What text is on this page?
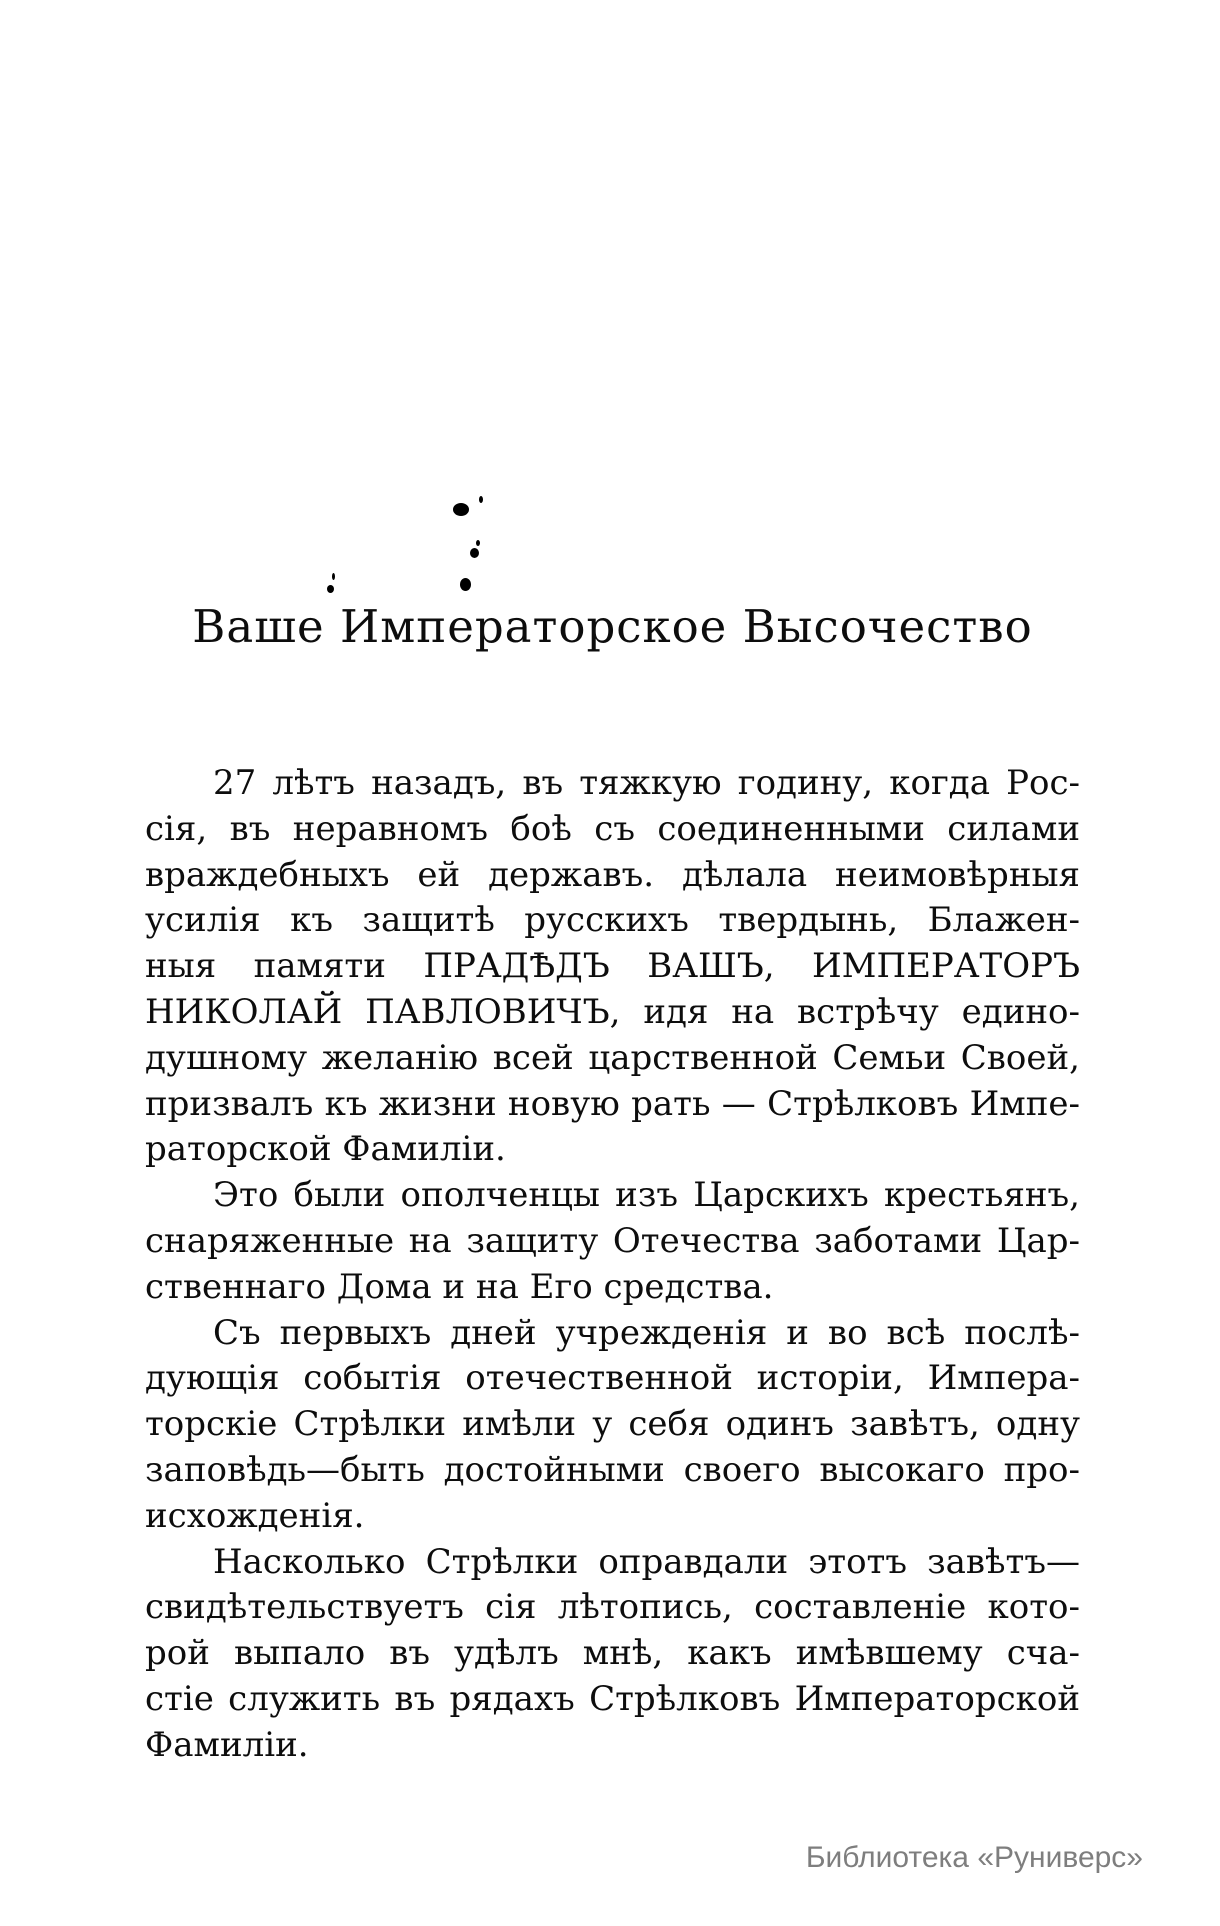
Ваше Императорское Высочество
27 лѣтъ назадъ, въ тяжкую годину, когда Рос-
сія, въ неравномъ боѣ съ соединенными силами
враждебныхъ ей державъ. дѣлала неимовѣрныя
усилія къ защитѣ русскихъ твердынь, Блажен-
ныя памяти ПРАДѢДЪ ВАШЪ, ИМПЕРАТОРЪ
НИКОЛАЙ ПАВЛОВИЧЪ, идя на встрѣчу едино-
душному желанію всей царственной Семьи Своей,
призвалъ къ жизни новую рать — Стрѣлковъ Импе-
раторской Фамиліи.
Это были ополченцы изъ Царскихъ крестьянъ,
снаряженные на защиту Отечества заботами Цар-
ственнаго Дома и на Его средства.
Съ первыхъ дней учрежденія и во всѣ послѣ-
дующія событія отечественной исторіи, Импера-
торскіе Стрѣлки имѣли у себя одинъ завѣтъ, одну
заповѣдь—быть достойными своего высокаго про-
исхожденія.
Насколько Стрѣлки оправдали этотъ завѣтъ—
свидѣтельствуетъ сія лѣтопись, составленіе кото-
рой выпало въ удѣлъ мнѣ, какъ имѣвшему сча-
стіе служить въ рядахъ Стрѣлковъ Императорской
Фамиліи.
Библиотека «Руниверс»
